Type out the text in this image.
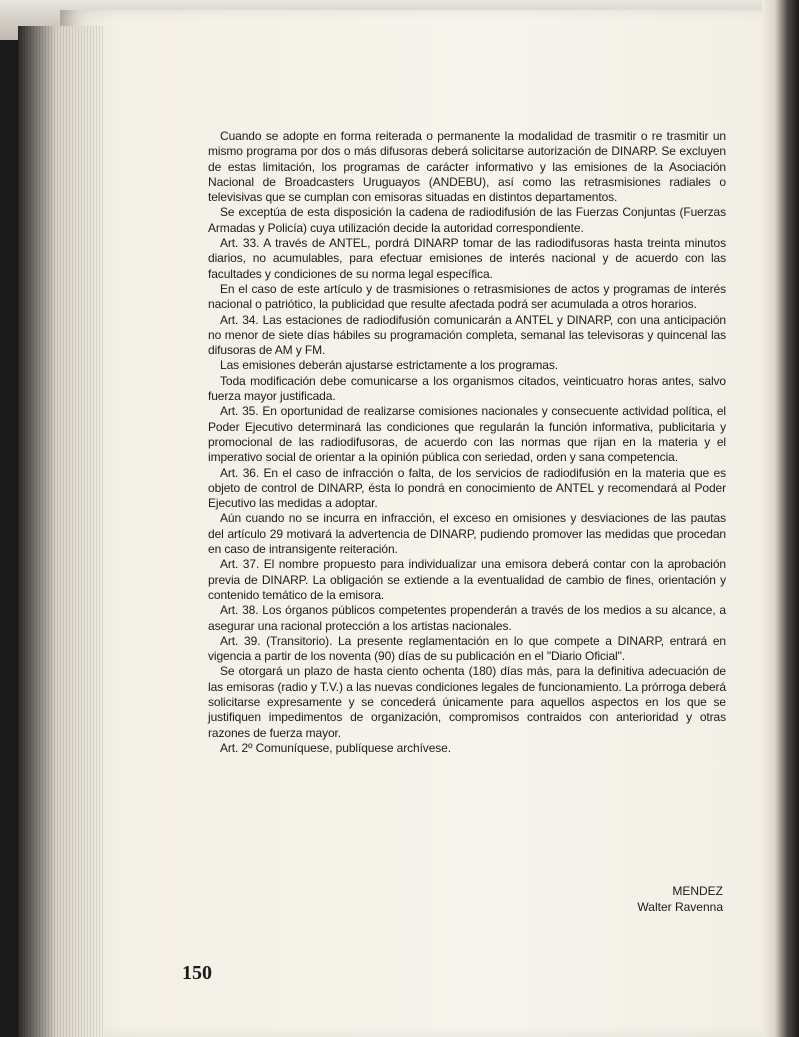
Cuando se adopte en forma reiterada o permanente la modalidad de trasmitir o re trasmitir un mismo programa por dos o más difusoras deberá solicitarse autorización de DINARP. Se excluyen de estas limitación, los programas de carácter informativo y las emisiones de la Asociación Nacional de Broadcasters Uruguayos (ANDEBU), así como las retrasmisiones radiales o televisivas que se cumplan con emisoras situadas en distintos departamentos.

Se exceptúa de esta disposición la cadena de radiodifusión de las Fuerzas Conjuntas (Fuerzas Armadas y Policía) cuya utilización decide la autoridad correspondiente.

Art. 33. A través de ANTEL, pordrá DINARP tomar de las radiodifusoras hasta treinta minutos diarios, no acumulables, para efectuar emisiones de interés nacional y de acuerdo con las facultades y condiciones de su norma legal específica.

En el caso de este artículo y de trasmisiones o retrasmisiones de actos y programas de interés nacional o patriótico, la publicidad que resulte afectada podrá ser acumulada a otros horarios.

Art. 34. Las estaciones de radiodifusión comunicarán a ANTEL y DINARP, con una anticipación no menor de siete días hábiles su programación completa, semanal las televisoras y quincenal las difusoras de AM y FM.

Las emisiones deberán ajustarse estrictamente a los programas.

Toda modificación debe comunicarse a los organismos citados, veinticuatro horas antes, salvo fuerza mayor justificada.

Art. 35. En oportunidad de realizarse comisiones nacionales y consecuente actividad política, el Poder Ejecutivo determinará las condiciones que regularán la función informativa, publicitaria y promocional de las radiodifusoras, de acuerdo con las normas que rijan en la materia y el imperativo social de orientar a la opinión pública con seriedad, orden y sana competencia.

Art. 36. En el caso de infracción o falta, de los servicios de radiodifusión en la materia que es objeto de control de DINARP, ésta lo pondrá en conocimiento de ANTEL y recomendará al Poder Ejecutivo las medidas a adoptar.

Aún cuando no se incurra en infracción, el exceso en omisiones y desviaciones de las pautas del artículo 29 motivará la advertencia de DINARP, pudiendo promover las medidas que procedan en caso de intransigente reiteración.

Art. 37. El nombre propuesto para individualizar una emisora deberá contar con la aprobación previa de DINARP. La obligación se extiende a la eventualidad de cambio de fines, orientación y contenido temático de la emisora.

Art. 38. Los órganos públicos competentes propenderán a través de los medios a su alcance, a asegurar una racional protección a los artistas nacionales.

Art. 39. (Transitorio). La presente reglamentación en lo que compete a DINARP, entrará en vigencia a partir de los noventa (90) días de su publicación en el "Diario Oficial".

Se otorgará un plazo de hasta ciento ochenta (180) días más, para la definitiva adecuación de las emisoras (radio y T.V.) a las nuevas condiciones legales de funcionamiento. La prórroga deberá solicitarse expresamente y se concederá únicamente para aquellos aspectos en los que se justifiquen impedimentos de organización, compromisos contraidos con anterioridad y otras razones de fuerza mayor.

Art. 2º Comuníquese, publíquese archívese.

MENDEZ
Walter Ravenna
150
